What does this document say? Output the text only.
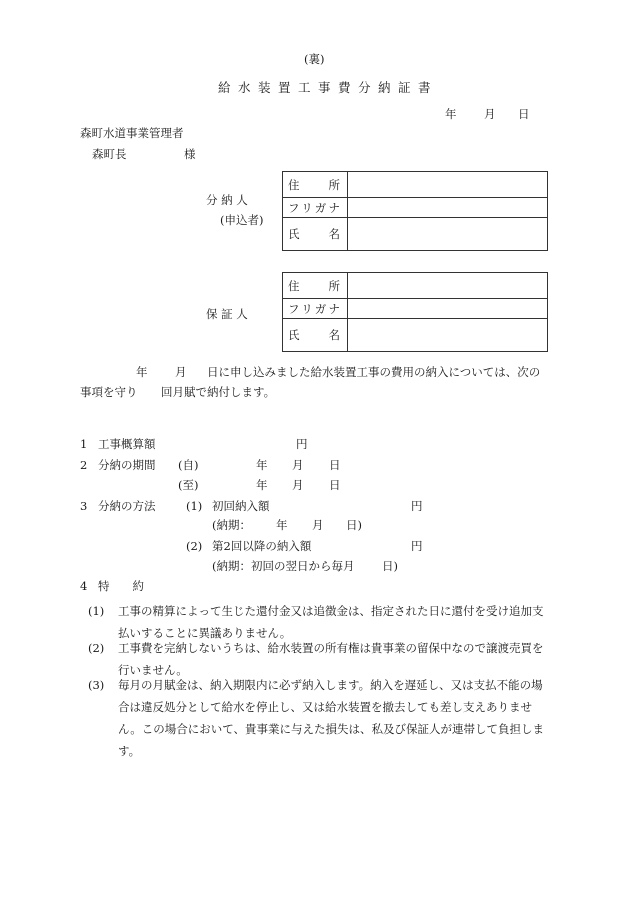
(裏)
給水装置工事費分納証書
年 月 日
森町水道事業管理者
森町長	様
分 納 人
(申込者)
住　　所	
フリガナ	
氏　　名	
保 証 人
住　　所	
フリガナ	
氏　　名	
年 月 日に申し込みました給水装置工事の費用の納入については、次の
事項を守り 回月賦で納付します。
1 工事概算額	円
2 分納の期間 (自)	年 月 日
(至)	年 月 日
3 分納の方法	(1) 初回納入額	円
(納期： 年 月 日)
(2) 第2回以降の納入額	円
(納期：初回の翌日から毎月 日)
4 特　　約
(1) 工事の精算によって生じた還付金又は追徴金は、指定された日に還付を受け追加支払いすることに異議ありません。

(2) 工事費を完納しないうちは、給水装置の所有権は貴事業の留保中なので譲渡売買を行いません。

(3) 毎月の月賦金は、納入期限内に必ず納入します。納入を遅延し、又は支払不能の場合は違反処分として給水を停止し、又は給水装置を撤去しても差し支えありません。この場合において、貴事業に与えた損失は、私及び保証人が連帯して負担します。
